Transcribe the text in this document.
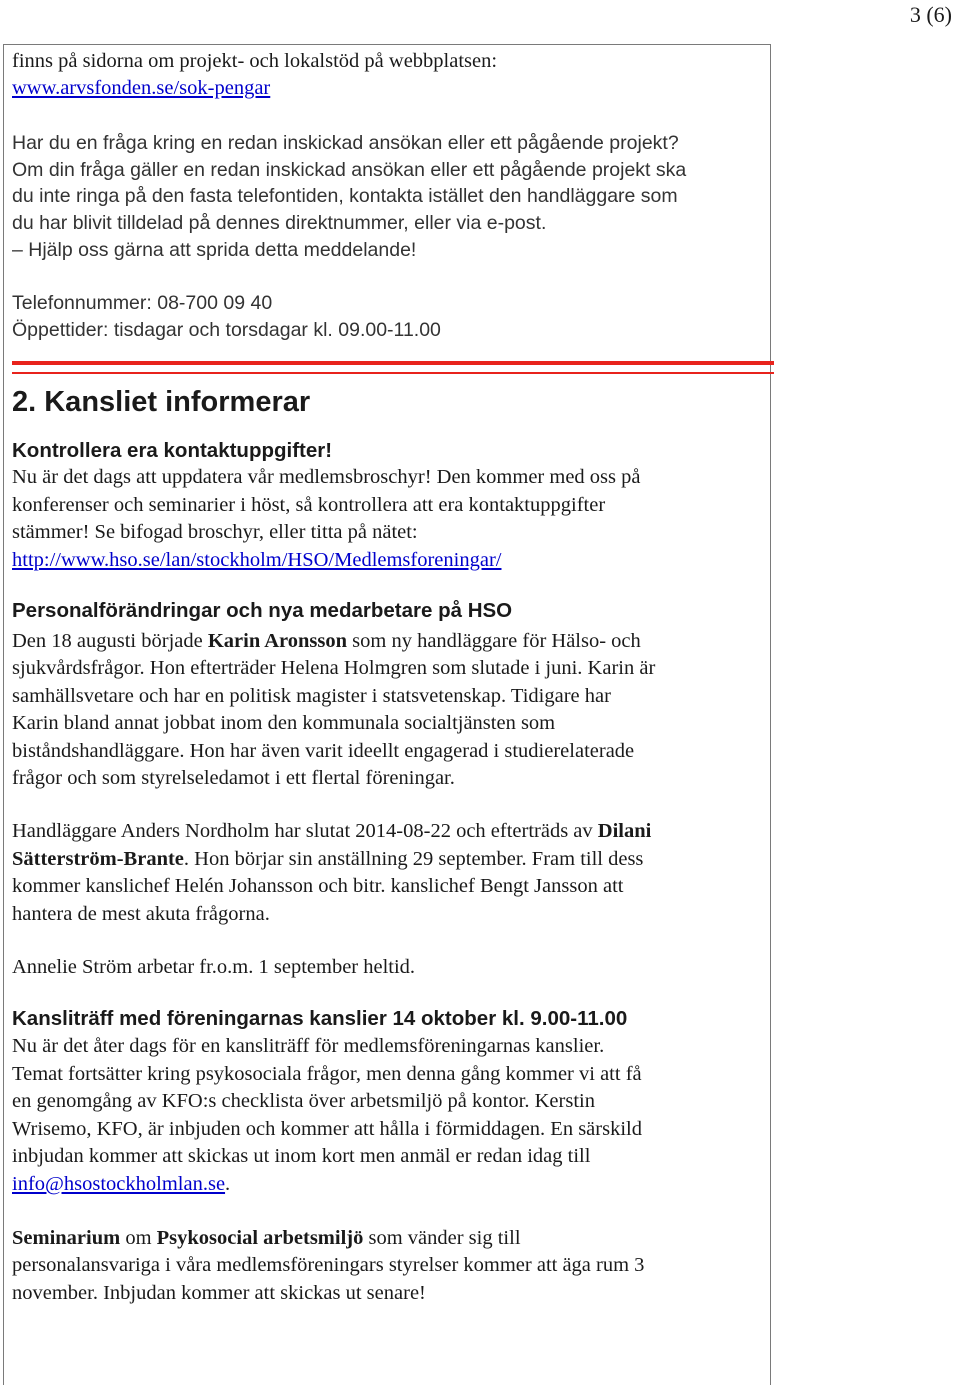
3 (6)
finns på sidorna om projekt- och lokalstöd på webbplatsen:
www.arvsfonden.se/sok-pengar
Har du en fråga kring en redan inskickad ansökan eller ett pågående projekt?
Om din fråga gäller en redan inskickad ansökan eller ett pågående projekt ska
du inte ringa på den fasta telefontiden, kontakta istället den handläggare som
du har blivit tilldelad på dennes direktnummer, eller via e-post.
– Hjälp oss gärna att sprida detta meddelande!
Telefonnummer: 08-700 09 40
Öppettider: tisdagar och torsdagar kl. 09.00-11.00
2. Kansliet informerar
Kontrollera era kontaktuppgifter!
Nu är det dags att uppdatera vår medlemsbroschyr! Den kommer med oss på
konferenser och seminarier i höst, så kontrollera att era kontaktuppgifter
stämmer! Se bifogad broschyr, eller titta på nätet:
http://www.hso.se/lan/stockholm/HSO/Medlemsforeningar/
Personalförändringar och nya medarbetare på HSO
Den 18 augusti började Karin Aronsson som ny handläggare för Hälso- och
sjukvårdsfrågor. Hon efterträder Helena Holmgren som slutade i juni. Karin är
samhällsvetare och har en politisk magister i statsvetenskap. Tidigare har
Karin bland annat jobbat inom den kommunala socialtjänsten som
biståndshandläggare. Hon har även varit ideellt engagerad i studierelaterade
frågor och som styrelseledamot i ett flertal föreningar.
Handläggare Anders Nordholm har slutat 2014-08-22 och efterträds av Dilani
Sätterström-Brante. Hon börjar sin anställning 29 september. Fram till dess
kommer kanslichef Helén Johansson och bitr. kanslichef Bengt Jansson att
hantera de mest akuta frågorna.
Annelie Ström arbetar fr.o.m. 1 september heltid.
Kansliträff med föreningarnas kanslier 14 oktober kl. 9.00-11.00
Nu är det åter dags för en kansliträff för medlemsföreningarnas kanslier.
Temat fortsätter kring psykosociala frågor, men denna gång kommer vi att få
en genomgång av KFO:s checklista över arbetsmiljö på kontor. Kerstin
Wrisemo, KFO, är inbjuden och kommer att hålla i förmiddagen. En särskild
inbjudan kommer att skickas ut inom kort men anmäl er redan idag till
info@hsostockholmlan.se.
Seminarium om Psykosocial arbetsmiljö som vänder sig till
personalansvariga i våra medlemsföreningars styrelser kommer att äga rum 3
november. Inbjudan kommer att skickas ut senare!
